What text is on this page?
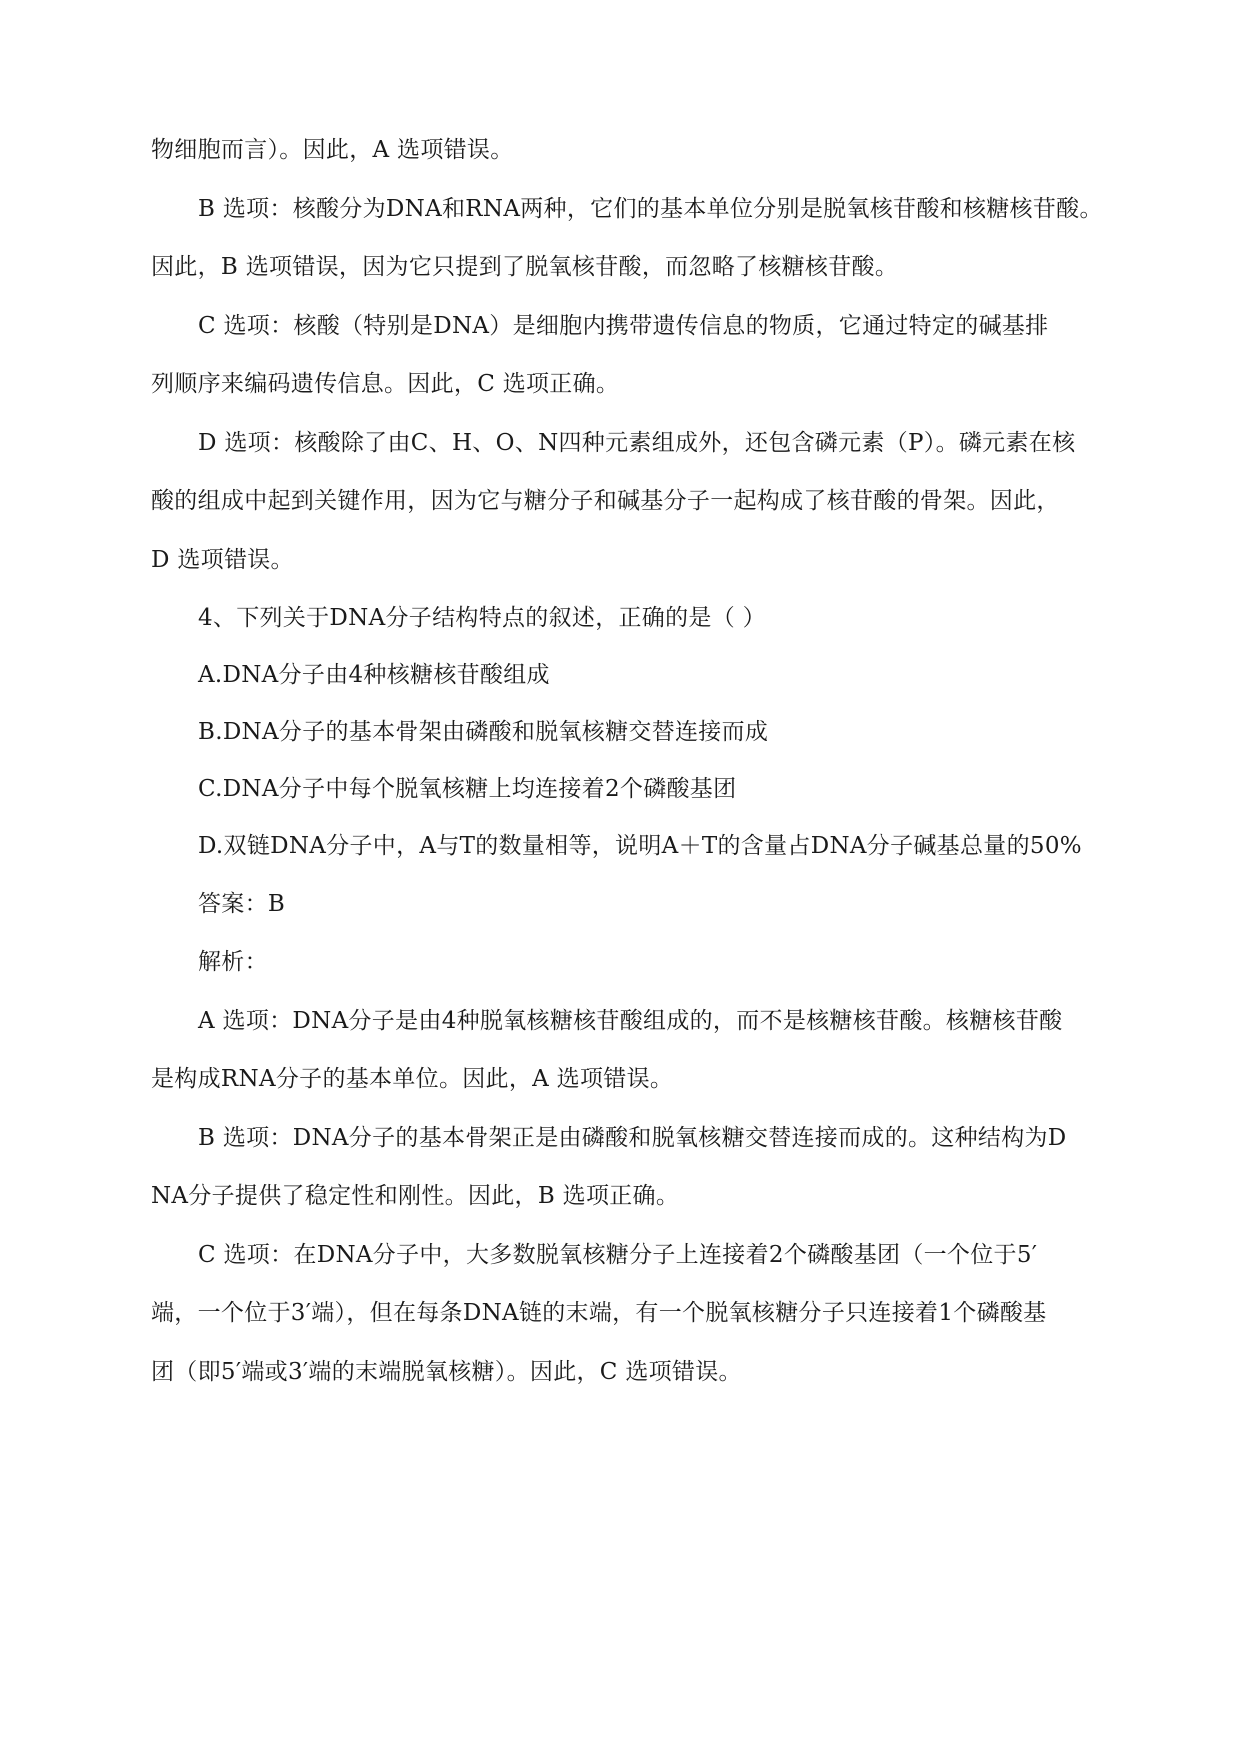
物细胞而言）。因此，A 选项错误。
B 选项：核酸分为DNA和RNA两种，它们的基本单位分别是脱氧核苷酸和核糖核苷酸。
因此，B 选项错误，因为它只提到了脱氧核苷酸，而忽略了核糖核苷酸。
C 选项：核酸（特别是DNA）是细胞内携带遗传信息的物质，它通过特定的碱基排
列顺序来编码遗传信息。因此，C 选项正确。
D 选项：核酸除了由C、H、O、N四种元素组成外，还包含磷元素（P）。磷元素在核
酸的组成中起到关键作用，因为它与糖分子和碱基分子一起构成了核苷酸的骨架。因此，
D 选项错误。
4、下列关于DNA分子结构特点的叙述，正确的是（ ）
A.DNA分子由4种核糖核苷酸组成
B.DNA分子的基本骨架由磷酸和脱氧核糖交替连接而成
C.DNA分子中每个脱氧核糖上均连接着2个磷酸基团
D.双链DNA分子中，A与T的数量相等，说明A＋T的含量占DNA分子碱基总量的50%
答案：B
解析：
A 选项：DNA分子是由4种脱氧核糖核苷酸组成的，而不是核糖核苷酸。核糖核苷酸
是构成RNA分子的基本单位。因此，A 选项错误。
B 选项：DNA分子的基本骨架正是由磷酸和脱氧核糖交替连接而成的。这种结构为D
NA分子提供了稳定性和刚性。因此，B 选项正确。
C 选项：在DNA分子中，大多数脱氧核糖分子上连接着2个磷酸基团（一个位于5′
端，一个位于3′端），但在每条DNA链的末端，有一个脱氧核糖分子只连接着1个磷酸基
团（即5′端或3′端的末端脱氧核糖）。因此，C 选项错误。
